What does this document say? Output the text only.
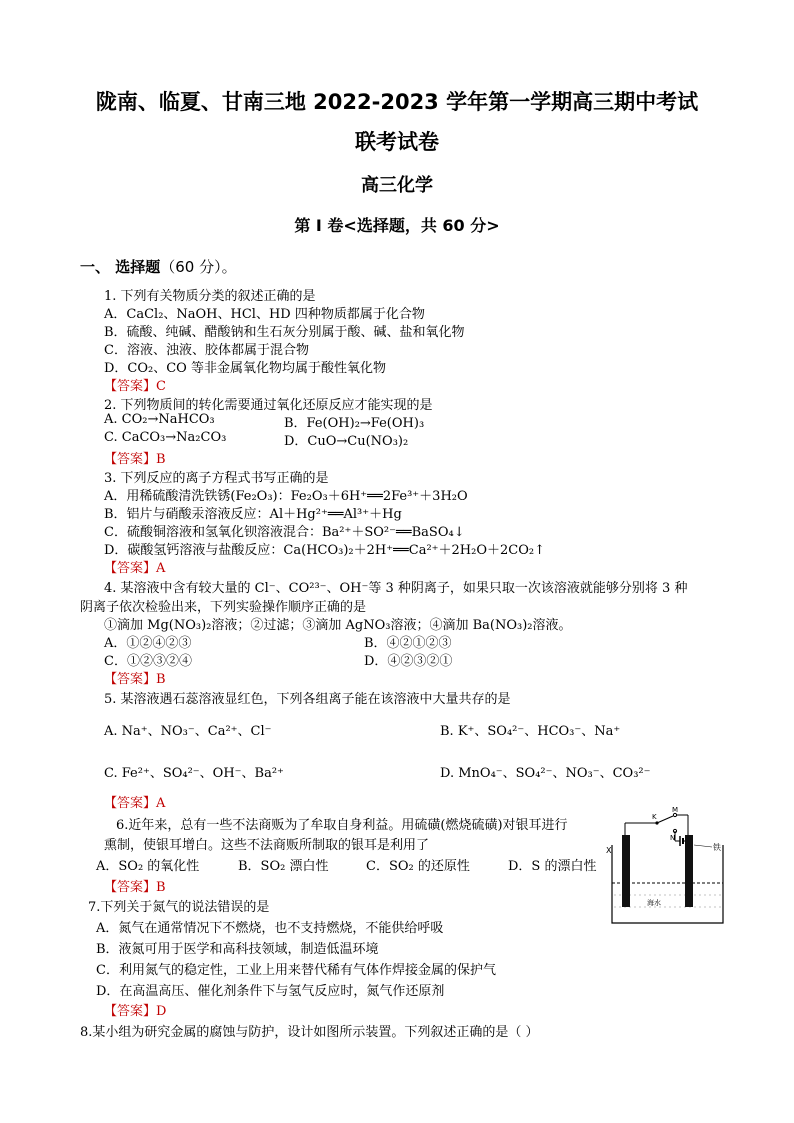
陇南、临夏、甘南三地 2022-2023 学年第一学期高三期中考试
联考试卷
高三化学
第 I 卷<选择题，共 60 分>
一、 选择题（60 分）。
1. 下列有关物质分类的叙述正确的是
A．CaCl₂、NaOH、HCl、HD 四种物质都属于化合物
B．硫酸、纯碱、醋酸钠和生石灰分别属于酸、碱、盐和氧化物
C．溶液、浊液、胶体都属于混合物
D．CO₂、CO 等非金属氧化物均属于酸性氧化物
【答案】C
2. 下列物质间的转化需要通过氧化还原反应才能实现的是
A. CO₂→NaHCO₃	B．Fe(OH)₂→Fe(OH)₃
C. CaCO₃→Na₂CO₃	D．CuO→Cu(NO₃)₂
【答案】B
3. 下列反应的离子方程式书写正确的是
A．用稀硫酸清洗铁锈(Fe₂O₃)：Fe₂O₃＋6H⁺══2Fe³⁺＋3H₂O
B．铝片与硝酸汞溶液反应：Al＋Hg²⁺══Al³⁺＋Hg
C．硫酸铜溶液和氢氧化钡溶液混合：Ba²⁺＋SO²⁻══BaSO₄↓
D．碳酸氢钙溶液与盐酸反应：Ca(HCO₃)₂＋2H⁺══Ca²⁺＋2H₂O＋2CO₂↑
【答案】A
4. 某溶液中含有较大量的 Cl⁻、CO²³⁻、OH⁻等 3 种阴离子，如果只取一次该溶液就能够分别将 3 种
阴离子依次检验出来，下列实验操作顺序正确的是
①滴加 Mg(NO₃)₂溶液；②过滤；③滴加 AgNO₃溶液；④滴加 Ba(NO₃)₂溶液。
A．①②④②③	B．④②①②③
C．①②③②④	D．④②③②①
【答案】B
5. 某溶液遇石蕊溶液显红色，下列各组离子能在该溶液中大量共存的是
A. Na⁺、NO₃⁻、Ca²⁺、Cl⁻	B. K⁺、SO₄²⁻、HCO₃⁻、Na⁺
C. Fe²⁺、SO₄²⁻、OH⁻、Ba²⁺	D. MnO₄⁻、SO₄²⁻、NO₃⁻、CO₃²⁻
【答案】A
6.近年来，总有一些不法商贩为了牟取自身利益。用硫磺(燃烧硫磺)对银耳进行
熏制，使银耳增白。这些不法商贩所制取的银耳是利用了
A．SO₂ 的氧化性	B．SO₂ 漂白性	C．SO₂ 的还原性	D．S 的漂白性
【答案】B
7.下列关于氮气的说法错误的是
A．氮气在通常情况下不燃烧，也不支持燃烧，不能供给呼吸
B．液氮可用于医学和高科技领域，制造低温环境
C．利用氮气的稳定性，工业上用来替代稀有气体作焊接金属的保护气
D．在高温高压、催化剂条件下与氢气反应时，氮气作还原剂
【答案】D
8.某小组为研究金属的腐蚀与防护，设计如图所示装置。下列叙述正确的是（ ）
X
M
K
N
铁
海水
